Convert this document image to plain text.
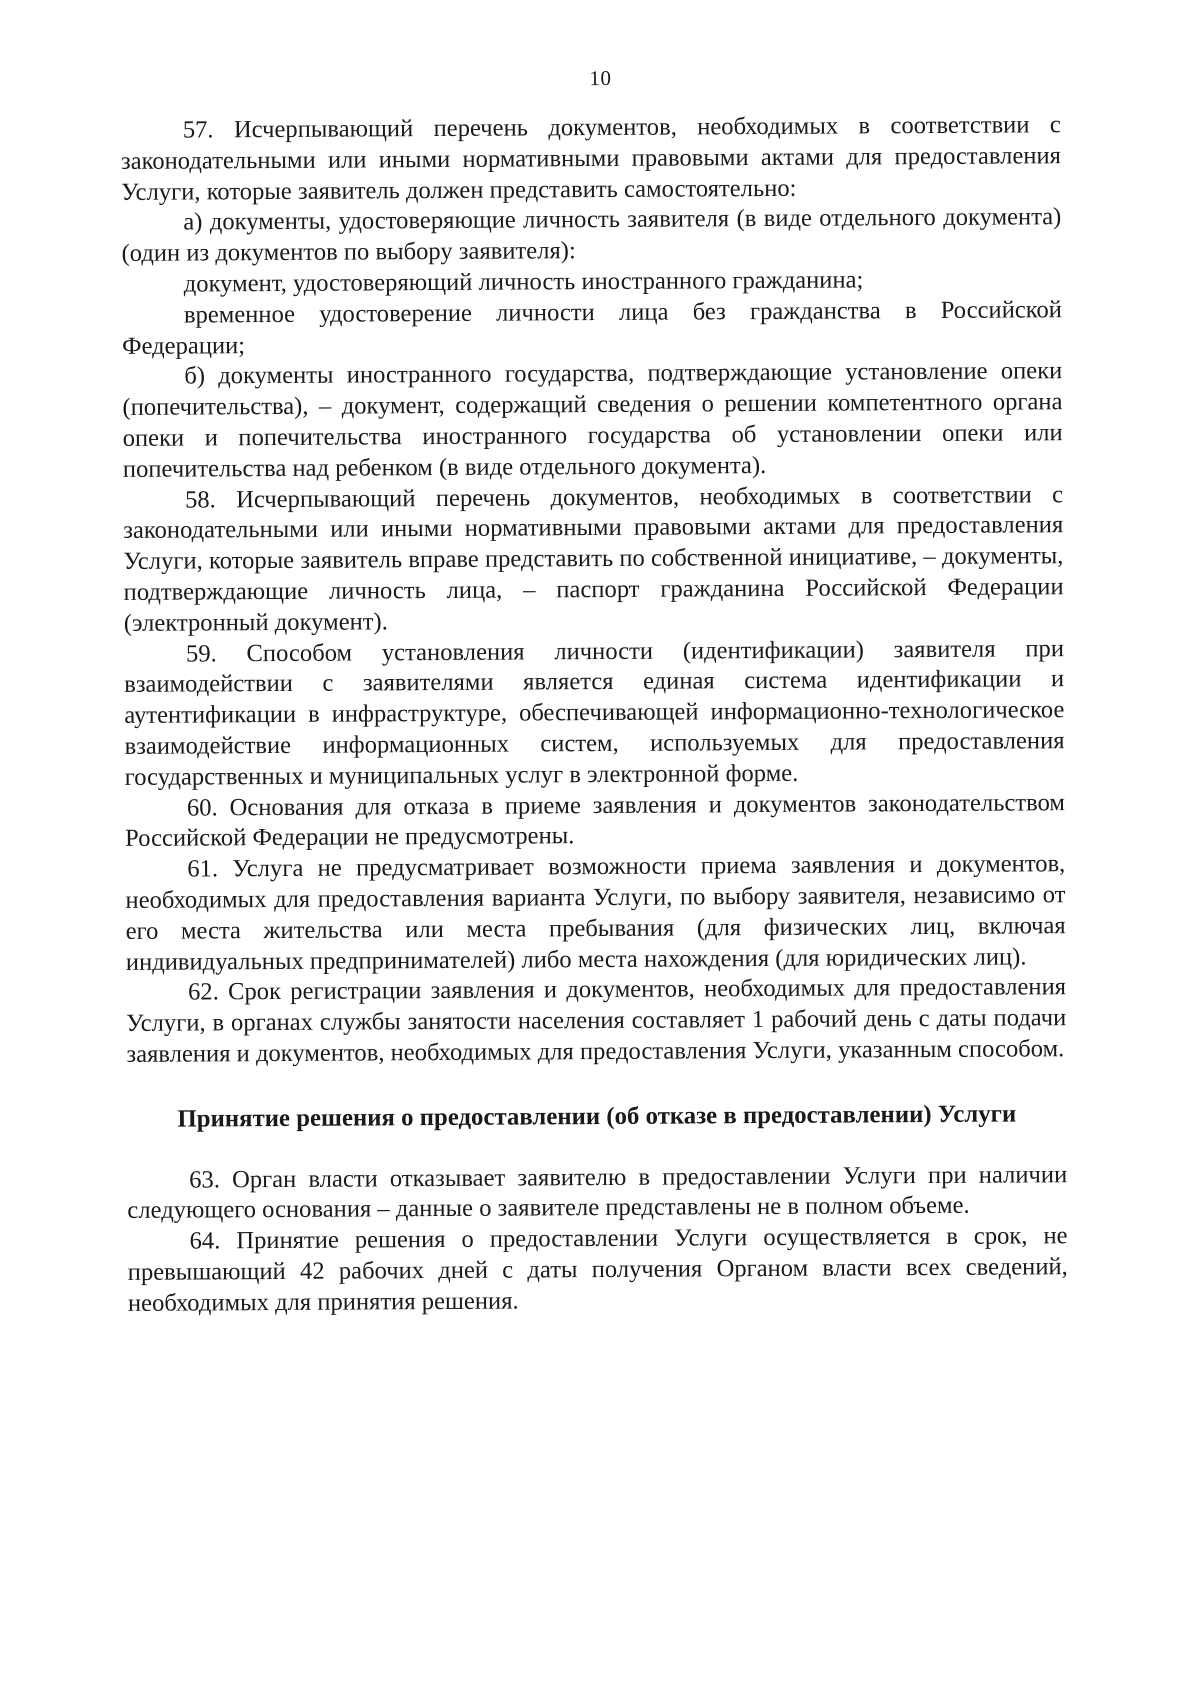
10

57. Исчерпывающий перечень документов, необходимых в соответствии с законодательными или иными нормативными правовыми актами для предоставления Услуги, которые заявитель должен представить самостоятельно:

а) документы, удостоверяющие личность заявителя (в виде отдельного документа) (один из документов по выбору заявителя):

документ, удостоверяющий личность иностранного гражданина;

временное удостоверение личности лица без гражданства в Российской Федерации;

б) документы иностранного государства, подтверждающие установление опеки (попечительства), – документ, содержащий сведения о решении компетентного органа опеки и попечительства иностранного государства об установлении опеки или попечительства над ребенком (в виде отдельного документа).

58. Исчерпывающий перечень документов, необходимых в соответствии с законодательными или иными нормативными правовыми актами для предоставления Услуги, которые заявитель вправе представить по собственной инициативе, – документы, подтверждающие личность лица, – паспорт гражданина Российской Федерации (электронный документ).

59. Способом установления личности (идентификации) заявителя при взаимодействии с заявителями является единая система идентификации и аутентификации в инфраструктуре, обеспечивающей информационно-технологическое взаимодействие информационных систем, используемых для предоставления государственных и муниципальных услуг в электронной форме.

60. Основания для отказа в приеме заявления и документов законодательством Российской Федерации не предусмотрены.

61. Услуга не предусматривает возможности приема заявления и документов, необходимых для предоставления варианта Услуги, по выбору заявителя, независимо от его места жительства или места пребывания (для физических лиц, включая индивидуальных предпринимателей) либо места нахождения (для юридических лиц).

62. Срок регистрации заявления и документов, необходимых для предоставления Услуги, в органах службы занятости населения составляет 1 рабочий день с даты подачи заявления и документов, необходимых для предоставления Услуги, указанным способом.

Принятие решения о предоставлении (об отказе в предоставлении) Услуги

63. Орган власти отказывает заявителю в предоставлении Услуги при наличии следующего основания – данные о заявителе представлены не в полном объеме.

64. Принятие решения о предоставлении Услуги осуществляется в срок, не превышающий 42 рабочих дней с даты получения Органом власти всех сведений, необходимых для принятия решения.
